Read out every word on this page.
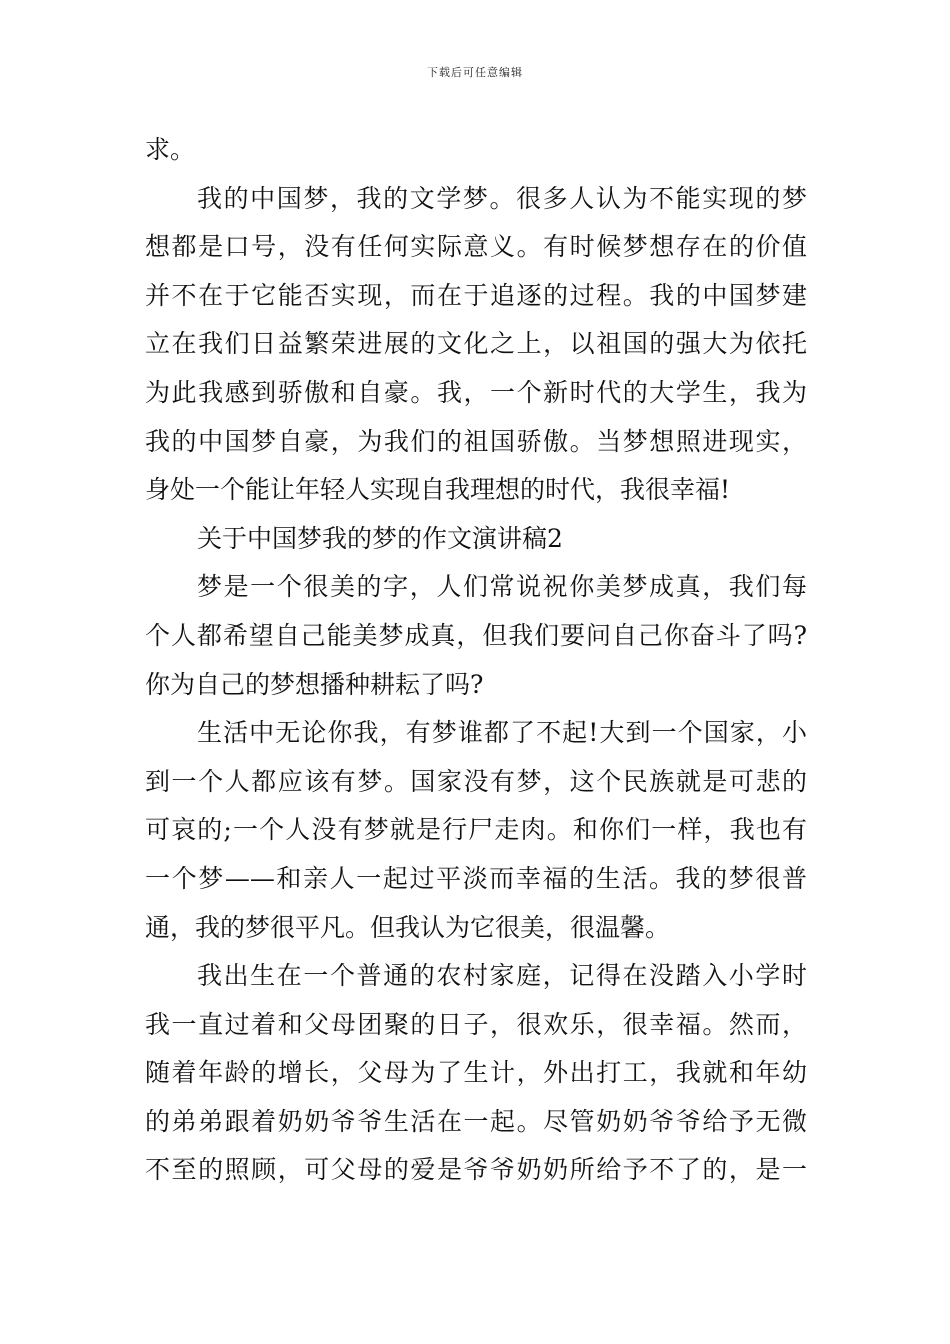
下载后可任意编辑
求。
我的中国梦，我的文学梦。很多人认为不能实现的梦
想都是口号，没有任何实际意义。有时候梦想存在的价值
并不在于它能否实现，而在于追逐的过程。我的中国梦建
立在我们日益繁荣进展的文化之上，以祖国的强大为依托
为此我感到骄傲和自豪。我，一个新时代的大学生，我为
我的中国梦自豪，为我们的祖国骄傲。当梦想照进现实，
身处一个能让年轻人实现自我理想的时代，我很幸福!
关于中国梦我的梦的作文演讲稿2
梦是一个很美的字，人们常说祝你美梦成真，我们每
个人都希望自己能美梦成真，但我们要问自己你奋斗了吗?
你为自己的梦想播种耕耘了吗?
生活中无论你我，有梦谁都了不起!大到一个国家，小
到一个人都应该有梦。国家没有梦，这个民族就是可悲的
可哀的;一个人没有梦就是行尸走肉。和你们一样，我也有
一个梦——和亲人一起过平淡而幸福的生活。我的梦很普
通，我的梦很平凡。但我认为它很美，很温馨。
我出生在一个普通的农村家庭，记得在没踏入小学时
我一直过着和父母团聚的日子，很欢乐，很幸福。然而，
随着年龄的增长，父母为了生计，外出打工，我就和年幼
的弟弟跟着奶奶爷爷生活在一起。尽管奶奶爷爷给予无微
不至的照顾，可父母的爱是爷爷奶奶所给予不了的，是一
